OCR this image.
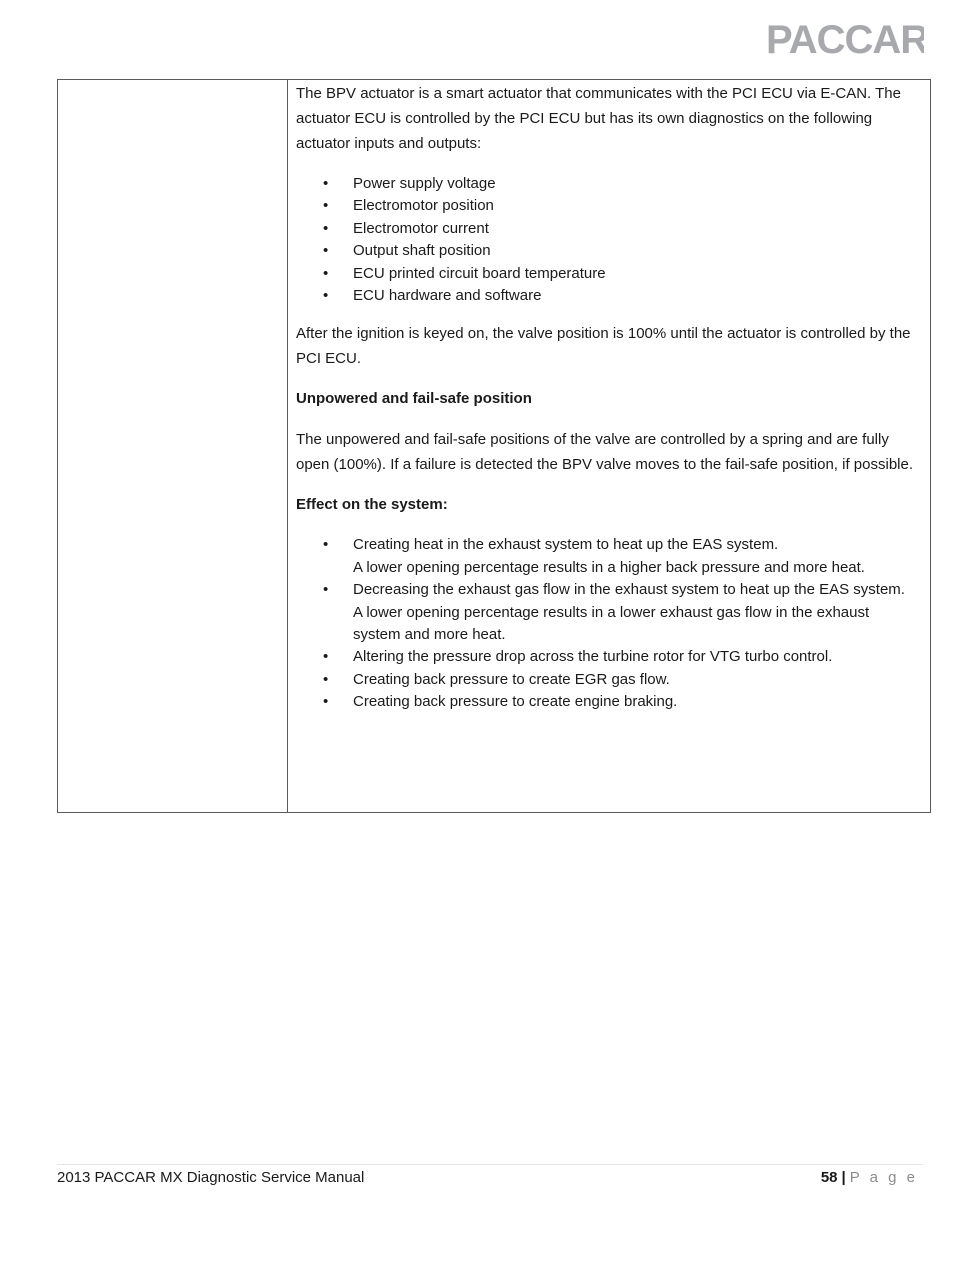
PACCAR

The BPV actuator is a smart actuator that communicates with the PCI ECU via E-CAN. The actuator ECU is controlled by the PCI ECU but has its own diagnostics on the following actuator inputs and outputs:

• Power supply voltage
• Electromotor position
• Electromotor current
• Output shaft position
• ECU printed circuit board temperature
• ECU hardware and software

After the ignition is keyed on, the valve position is 100% until the actuator is controlled by the PCI ECU.

Unpowered and fail-safe position

The unpowered and fail-safe positions of the valve are controlled by a spring and are fully open (100%). If a failure is detected the BPV valve moves to the fail-safe position, if possible.

Effect on the system:

• Creating heat in the exhaust system to heat up the EAS system.
A lower opening percentage results in a higher back pressure and more heat.
• Decreasing the exhaust gas flow in the exhaust system to heat up the EAS system.
A lower opening percentage results in a lower exhaust gas flow in the exhaust system and more heat.
• Altering the pressure drop across the turbine rotor for VTG turbo control.
• Creating back pressure to create EGR gas flow.
• Creating back pressure to create engine braking.
2013 PACCAR MX Diagnostic Service Manual	58 | P a g e
